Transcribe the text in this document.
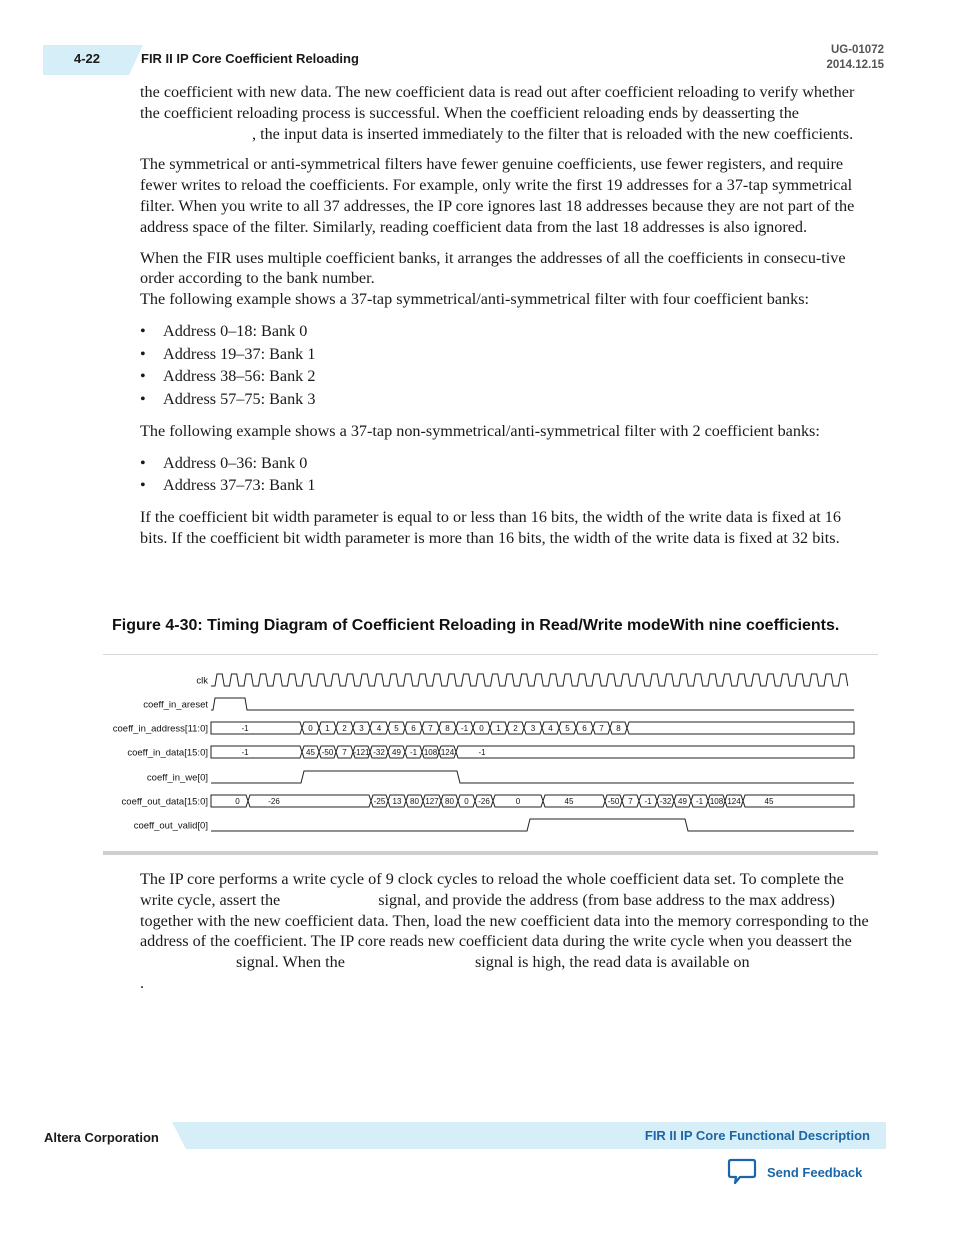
4-22	FIR II IP Core Coefficient Reloading
UG-01072
2014.12.15

the coefficient with new data. The new coefficient data is read out after coefficient reloading to verify whether the coefficient reloading process is successful. When the coefficient reloading ends by deasserting the, the input data is inserted immediately to the filter that is reloaded with the new coefficients.

The symmetrical or anti-symmetrical filters have fewer genuine coefficients, use fewer registers, and require fewer writes to reload the coefficients. For example, only write the first 19 addresses for a 37-tap symmetrical filter. When you write to all 37 addresses, the IP core ignores last 18 addresses because they are not part of the address space of the filter. Similarly, reading coefficient data from the last 18 addresses is also ignored.

When the FIR uses multiple coefficient banks, it arranges the addresses of all the coefficients in consecu-tive order according to the bank number.

The following example shows a 37-tap symmetrical/anti-symmetrical filter with four coefficient banks:

• Address 0–18: Bank 0
• Address 19–37: Bank 1
• Address 38–56: Bank 2
• Address 57–75: Bank 3

The following example shows a 37-tap non-symmetrical/anti-symmetrical filter with 2 coefficient banks:

• Address 0–36: Bank 0
• Address 37–73: Bank 1

If the coefficient bit width parameter is equal to or less than 16 bits, the width of the write data is fixed at 16 bits. If the coefficient bit width parameter is more than 16 bits, the width of the write data is fixed at 32 bits.

Figure 4-30: Timing Diagram of Coefficient Reloading in Read/Write modeWith nine coefficients.
clk
coeff_in_areset
coeff_in_address[11:0]
coeff_in_data[15:0]
coeff_in_we[0]
coeff_out_data[15:0]
coeff_out_valid[0]
-1	0 1 2 3 4 5 6 7 8 -1 0 1 2 3 4 5 6 7 8
-1	45 -50 7 -121 -32 49 -1 108 124	-1
0	-26	-25 13 80 127 80 0 -26	0	45	-50 7 -1 -32 49 -1 108 124	45

The IP core performs a write cycle of 9 clock cycles to reload the whole coefficient data set. To complete the write cycle, assert the	signal, and provide the address (from base address to the max address) together with the new coefficient data. Then, load the new coefficient data into the memory corresponding to the address of the coefficient. The IP core reads new coefficient data during the write cycle when you deassert thesignal. When the	signal is high, the read data is available on.

Altera Corporation	FIR II IP Core Functional Description
Send Feedback
